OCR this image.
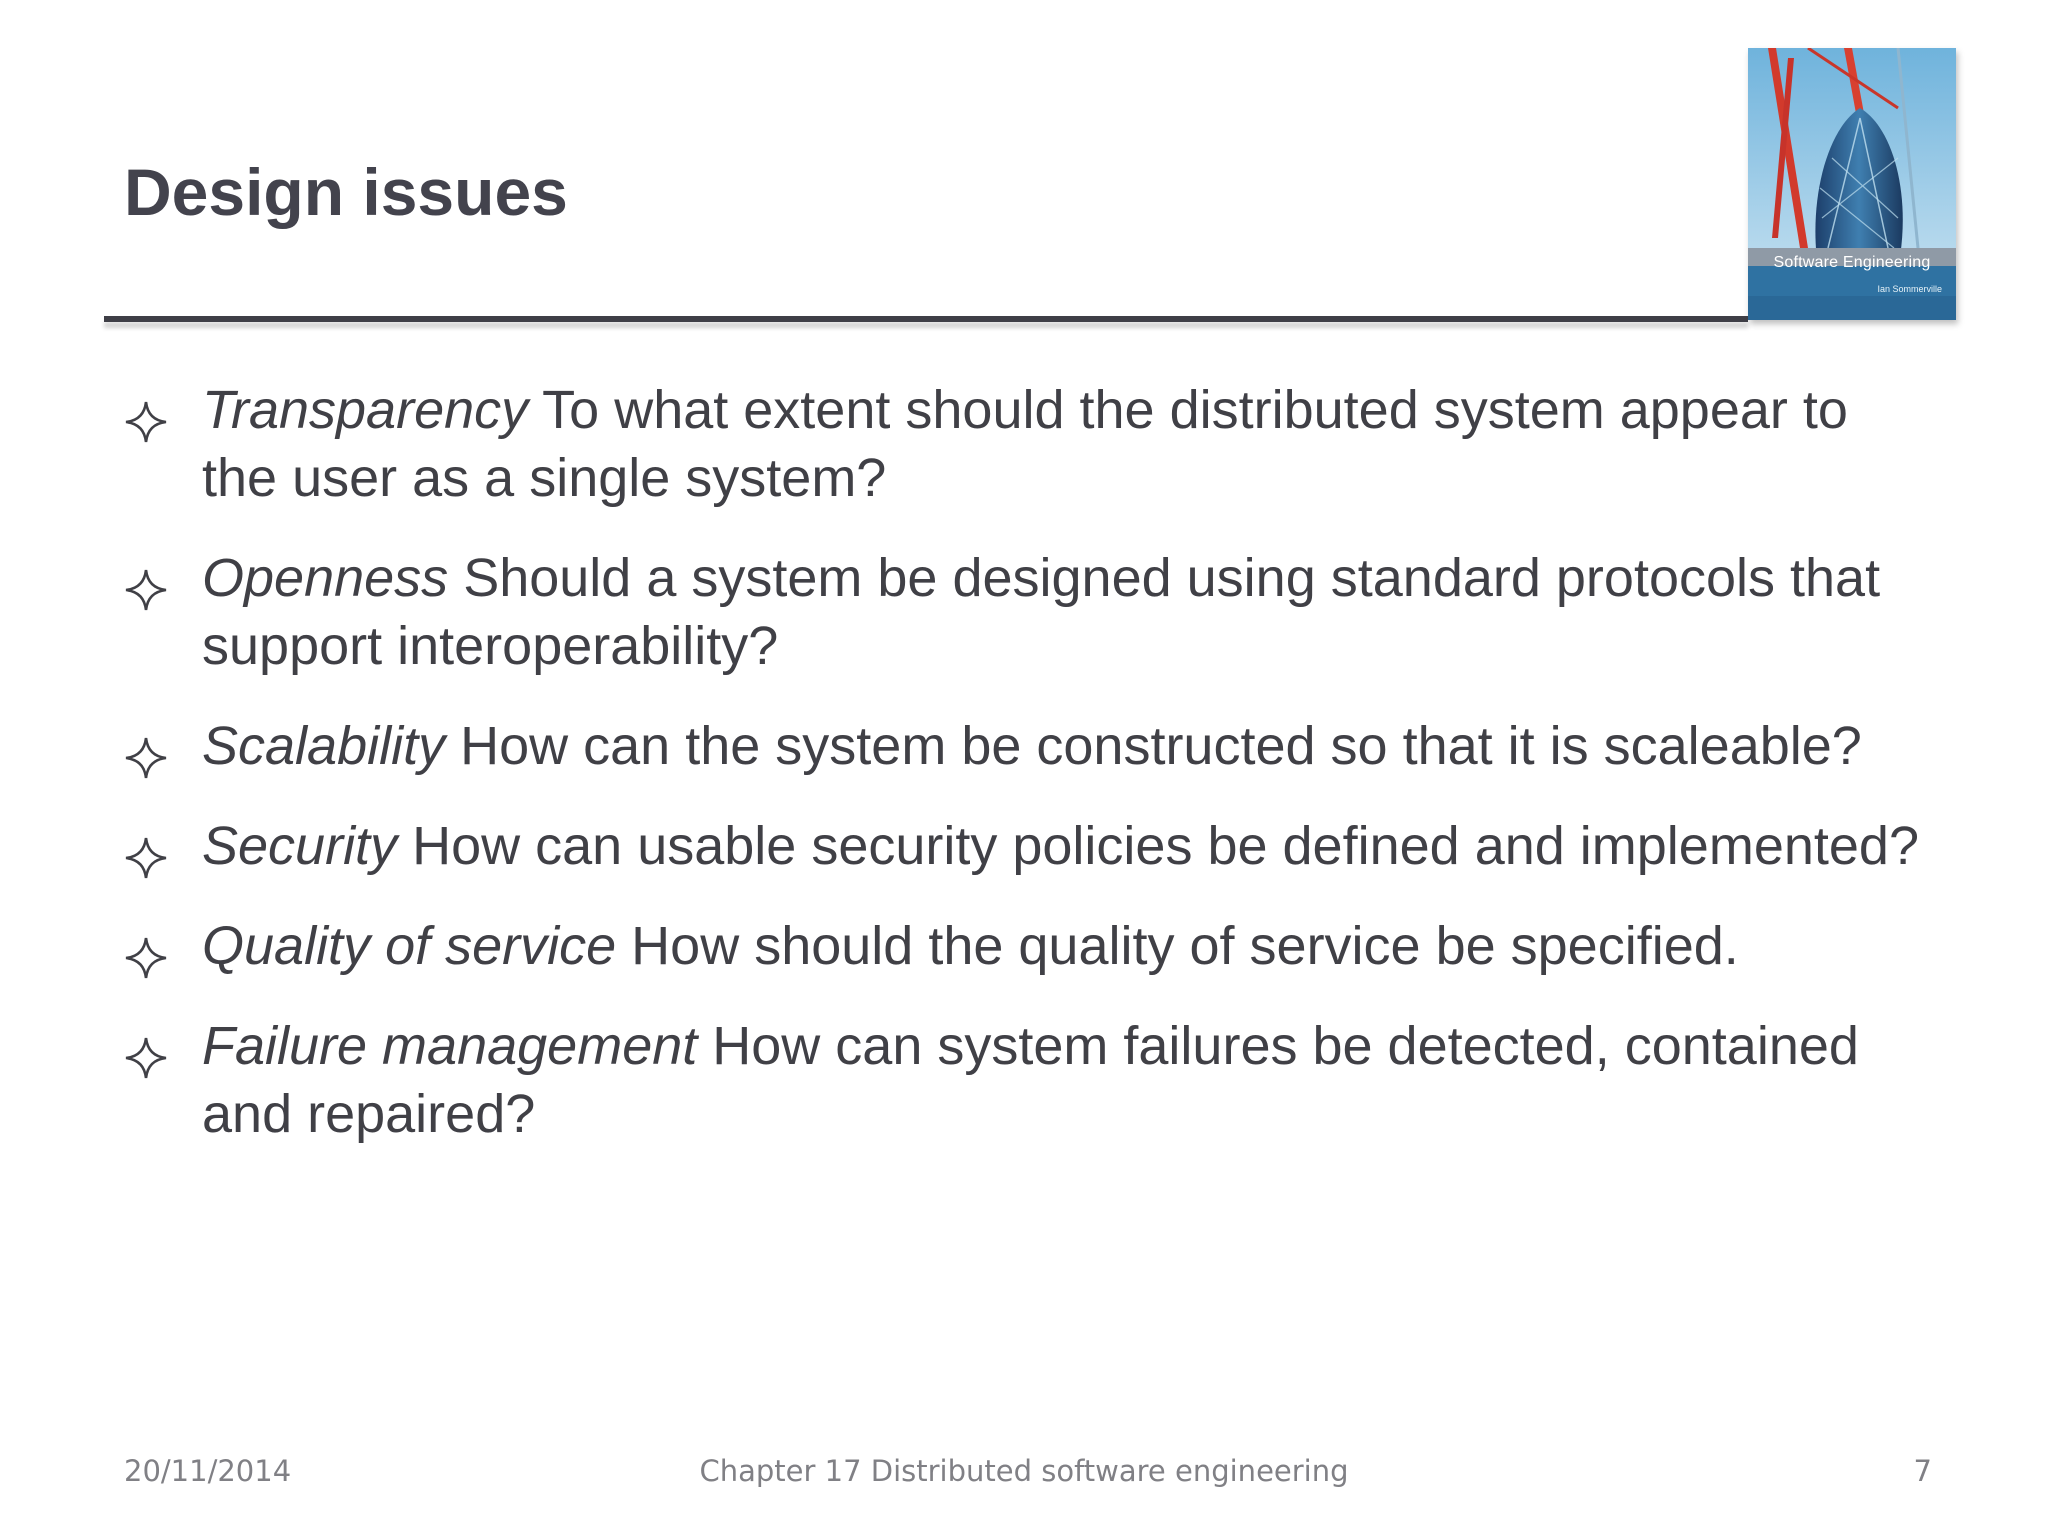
Design issues
Software Engineering
Ian Sommerville
Transparency To what extent should the distributed system appear to the user as a single system?
Openness Should a system be designed using standard protocols that support interoperability?
Scalability How can the system be constructed so that it is scaleable?
Security How can usable security policies be defined and implemented?
Quality of service How should the quality of service be specified.
Failure management How can system failures be detected, contained and repaired?
20/11/2014	Chapter 17 Distributed software engineering	7
